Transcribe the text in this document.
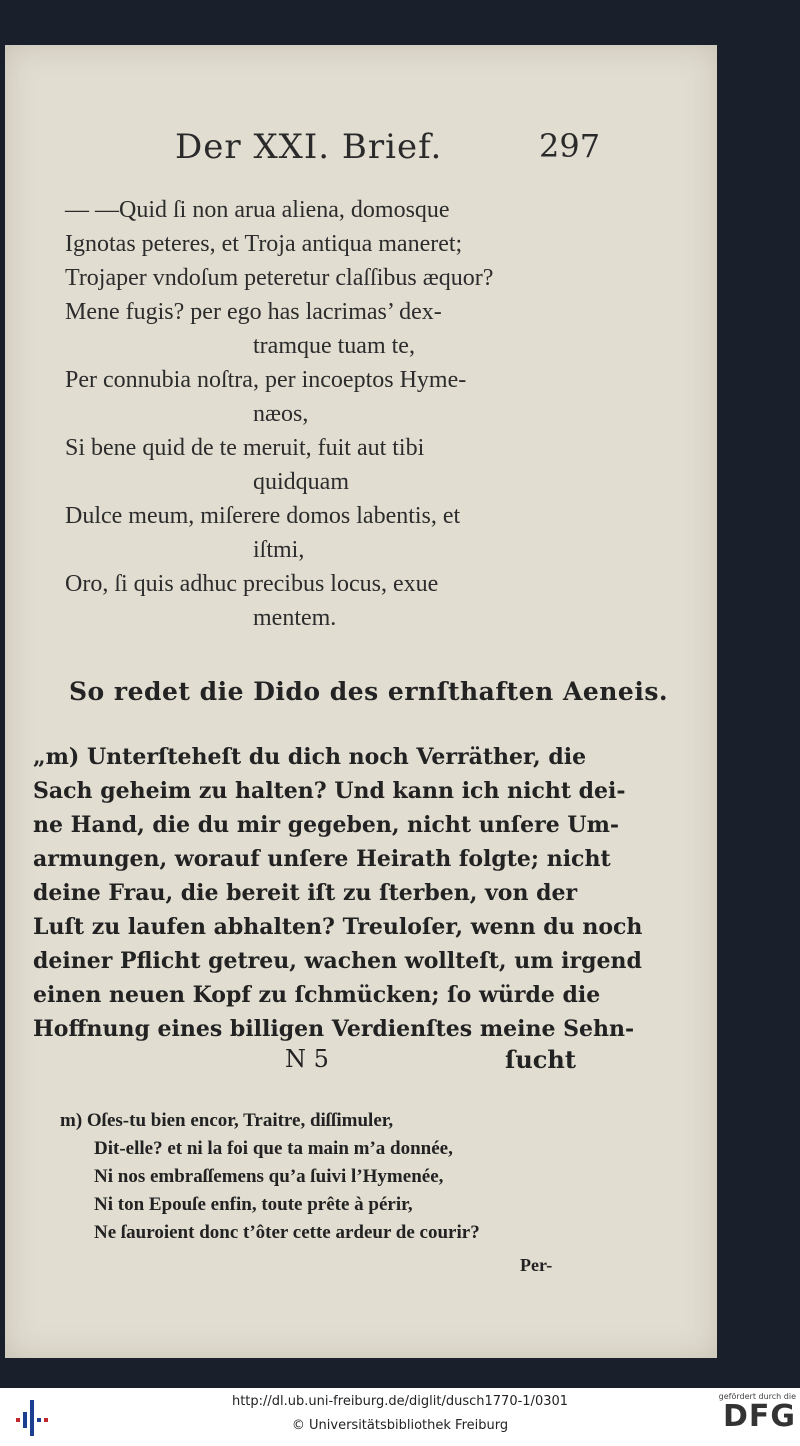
Der XXI. Brief.	297
— —Quid ſi non arua aliena, domosque
Ignotas peteres, et Troja antiqua maneret;
Trojaper vndoſum peteretur claſſibus æquor?
Mene fugis? per ego has lacrimas’ dex-
tramque tuam te,
Per connubia noſtra, per incoeptos Hyme-
næos,
Si bene quid de te meruit, fuit aut tibi
quidquam
Dulce meum, miſerere domos labentis, et
iſtmi,
Oro, ſi quis adhuc precibus locus, exue
mentem.
So redet die Dido des ernſthaften Aeneis.
„m) Unterſteheſt du dich noch Verräther, die
Sach geheim zu halten? Und kann ich nicht dei-
ne Hand, die du mir gegeben, nicht unſere Um-
armungen, worauf unſere Heirath folgte; nicht
deine Frau, die bereit iſt zu ſterben, von der
Luſt zu laufen abhalten? Treuloſer, wenn du noch
deiner Pflicht getreu, wachen wollteſt, um irgend
einen neuen Kopf zu ſchmücken; ſo würde die
Hoffnung eines billigen Verdienſtes meine Sehn-
N 5	ſucht
m) Oſes-tu bien encor, Traitre, diſſimuler,
Dit-elle? et ni la foi que ta main m’a donnée,
Ni nos embraſſemens qu’a ſuivi l’Hymenée,
Ni ton Epouſe enfin, toute prête à périr,
Ne ſauroient donc t’ôter cette ardeur de courir?
Per-
http://dl.ub.uni-freiburg.de/diglit/dusch1770-1/0301
© Universitätsbibliothek Freiburg
gefördert durch die
DFG
